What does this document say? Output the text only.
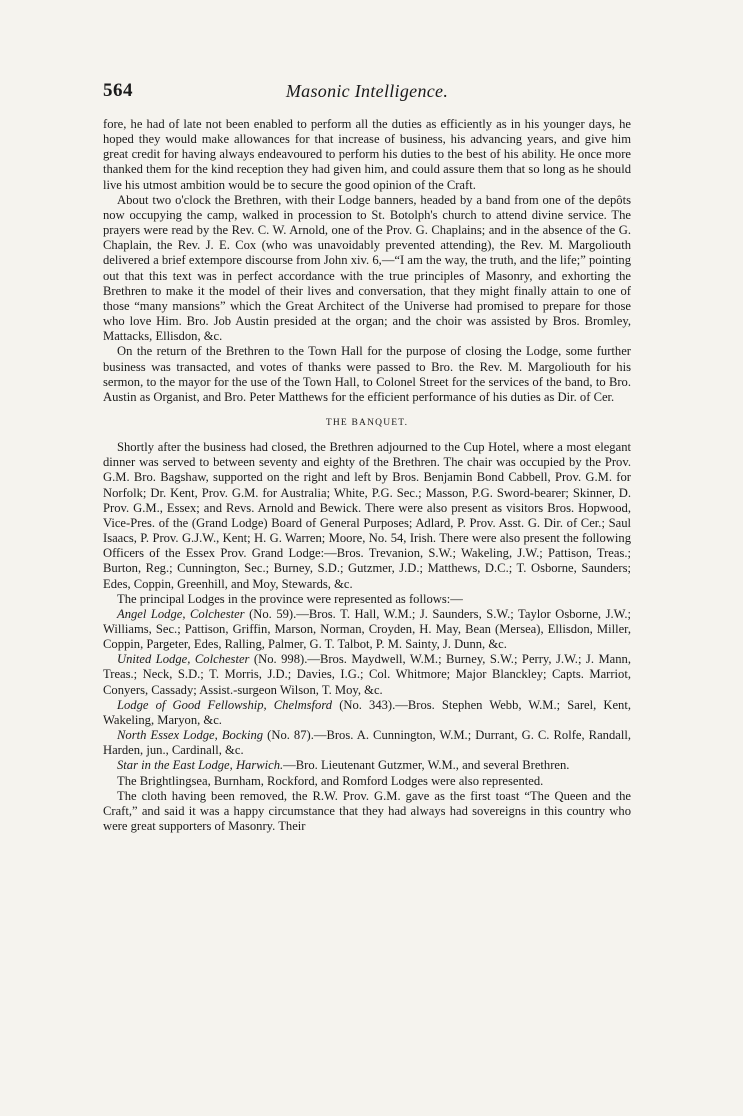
564	Masonic Intelligence.

fore, he had of late not been enabled to perform all the duties as efficiently as in his younger days, he hoped they would make allowances for that increase of business, his advancing years, and give him great credit for having always endeavoured to perform his duties to the best of his ability. He once more thanked them for the kind reception they had given him, and could assure them that so long as he should live his utmost ambition would be to secure the good opinion of the Craft.

About two o'clock the Brethren, with their Lodge banners, headed by a band from one of the depôts now occupying the camp, walked in procession to St. Botolph's church to attend divine service. The prayers were read by the Rev. C. W. Arnold, one of the Prov. G. Chaplains; and in the absence of the G. Chaplain, the Rev. J. E. Cox (who was unavoidably prevented attending), the Rev. M. Margoliouth delivered a brief extempore discourse from John xiv. 6,—“I am the way, the truth, and the life;” pointing out that this text was in perfect accordance with the true principles of Masonry, and exhorting the Brethren to make it the model of their lives and conversation, that they might finally attain to one of those “many mansions” which the Great Architect of the Universe had promised to prepare for those who love Him. Bro. Job Austin presided at the organ; and the choir was assisted by Bros. Bromley, Mattacks, Ellisdon, &c.

On the return of the Brethren to the Town Hall for the purpose of closing the Lodge, some further business was transacted, and votes of thanks were passed to Bro. the Rev. M. Margoliouth for his sermon, to the mayor for the use of the Town Hall, to Colonel Street for the services of the band, to Bro. Austin as Organist, and Bro. Peter Matthews for the efficient performance of his duties as Dir. of Cer.

THE BANQUET.

Shortly after the business had closed, the Brethren adjourned to the Cup Hotel, where a most elegant dinner was served to between seventy and eighty of the Brethren. The chair was occupied by the Prov. G.M. Bro. Bagshaw, supported on the right and left by Bros. Benjamin Bond Cabbell, Prov. G.M. for Norfolk; Dr. Kent, Prov. G.M. for Australia; White, P.G. Sec.; Masson, P.G. Sword-bearer; Skinner, D. Prov. G.M., Essex; and Revs. Arnold and Bewick. There were also present as visitors Bros. Hopwood, Vice-Pres. of the (Grand Lodge) Board of General Purposes; Adlard, P. Prov. Asst. G. Dir. of Cer.; Saul Isaacs, P. Prov. G.J.W., Kent; H. G. Warren; Moore, No. 54, Irish. There were also present the following Officers of the Essex Prov. Grand Lodge:—Bros. Trevanion, S.W.; Wakeling, J.W.; Pattison, Treas.; Burton, Reg.; Cunnington, Sec.; Burney, S.D.; Gutzmer, J.D.; Matthews, D.C.; T. Osborne, Saunders; Edes, Coppin, Greenhill, and Moy, Stewards, &c.

The principal Lodges in the province were represented as follows:—

Angel Lodge, Colchester (No. 59).—Bros. T. Hall, W.M.; J. Saunders, S.W.; Taylor Osborne, J.W.; Williams, Sec.; Pattison, Griffin, Marson, Norman, Croyden, H. May, Bean (Mersea), Ellisdon, Miller, Coppin, Pargeter, Edes, Ralling, Palmer, G. T. Talbot, P. M. Sainty, J. Dunn, &c.

United Lodge, Colchester (No. 998).—Bros. Maydwell, W.M.; Burney, S.W.; Perry, J.W.; J. Mann, Treas.; Neck, S.D.; T. Morris, J.D.; Davies, I.G.; Col. Whitmore; Major Blanckley; Capts. Marriot, Conyers, Cassady; Assist.-surgeon Wilson, T. Moy, &c.

Lodge of Good Fellowship, Chelmsford (No. 343).—Bros. Stephen Webb, W.M.; Sarel, Kent, Wakeling, Maryon, &c.

North Essex Lodge, Bocking (No. 87).—Bros. A. Cunnington, W.M.; Durrant, G. C. Rolfe, Randall, Harden, jun., Cardinall, &c.

Star in the East Lodge, Harwich.—Bro. Lieutenant Gutzmer, W.M., and several Brethren.

The Brightlingsea, Burnham, Rockford, and Romford Lodges were also represented.

The cloth having been removed, the R.W. Prov. G.M. gave as the first toast “The Queen and the Craft,” and said it was a happy circumstance that they had always had sovereigns in this country who were great supporters of Masonry. Their
